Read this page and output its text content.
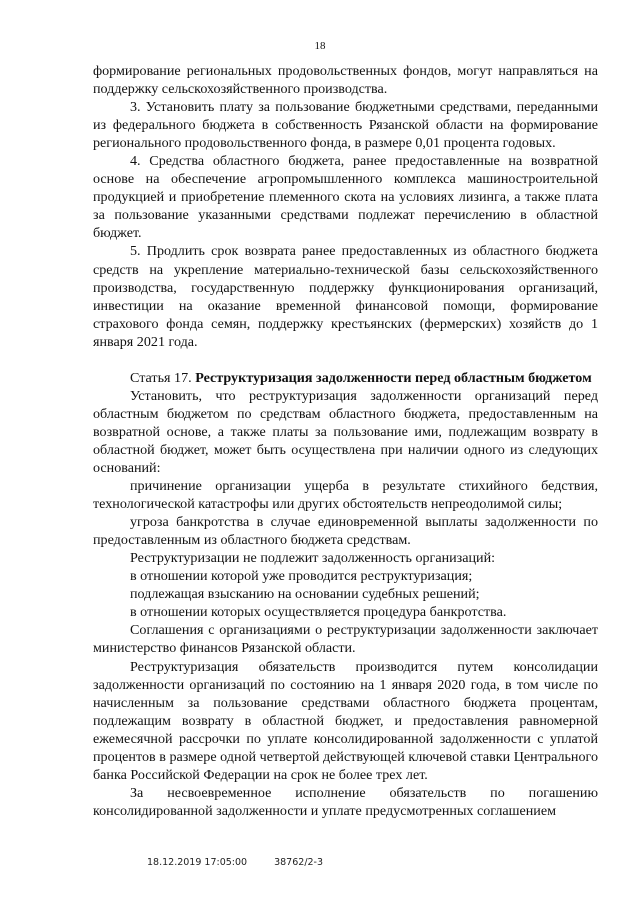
18

формирование региональных продовольственных фондов, могут направляться на поддержку сельскохозяйственного производства.

3. Установить плату за пользование бюджетными средствами, переданными из федерального бюджета в собственность Рязанской области на формирование регионального продовольственного фонда, в размере 0,01 процента годовых.

4. Средства областного бюджета, ранее предоставленные на возвратной основе на обеспечение агропромышленного комплекса машиностроительной продукцией и приобретение племенного скота на условиях лизинга, а также плата за пользование указанными средствами подлежат перечислению в областной бюджет.

5. Продлить срок возврата ранее предоставленных из областного бюджета средств на укрепление материально-технической базы сельскохозяйственного производства, государственную поддержку функционирования организаций, инвестиции на оказание временной финансовой помощи, формирование страхового фонда семян, поддержку крестьянских (фермерских) хозяйств до 1 января 2021 года.

Статья 17. Реструктуризация задолженности перед областным бюджетом

Установить, что реструктуризация задолженности организаций перед областным бюджетом по средствам областного бюджета, предоставленным на возвратной основе, а также платы за пользование ими, подлежащим возврату в областной бюджет, может быть осуществлена при наличии одного из следующих оснований:

причинение организации ущерба в результате стихийного бедствия, технологической катастрофы или других обстоятельств непреодолимой силы;

угроза банкротства в случае единовременной выплаты задолженности по предоставленным из областного бюджета средствам.

Реструктуризации не подлежит задолженность организаций:

в отношении которой уже проводится реструктуризация;

подлежащая взысканию на основании судебных решений;

в отношении которых осуществляется процедура банкротства.

Соглашения с организациями о реструктуризации задолженности заключает министерство финансов Рязанской области.

Реструктуризация обязательств производится путем консолидации задолженности организаций по состоянию на 1 января 2020 года, в том числе по начисленным за пользование средствами областного бюджета процентам, подлежащим возврату в областной бюджет, и предоставления равномерной ежемесячной рассрочки по уплате консолидированной задолженности с уплатой процентов в размере одной четвертой действующей ключевой ставки Центрального банка Российской Федерации на срок не более трех лет.

За несвоевременное исполнение обязательств по погашению консолидированной задолженности и уплате предусмотренных соглашением

18.12.2019 17:05:00	38762/2-3
